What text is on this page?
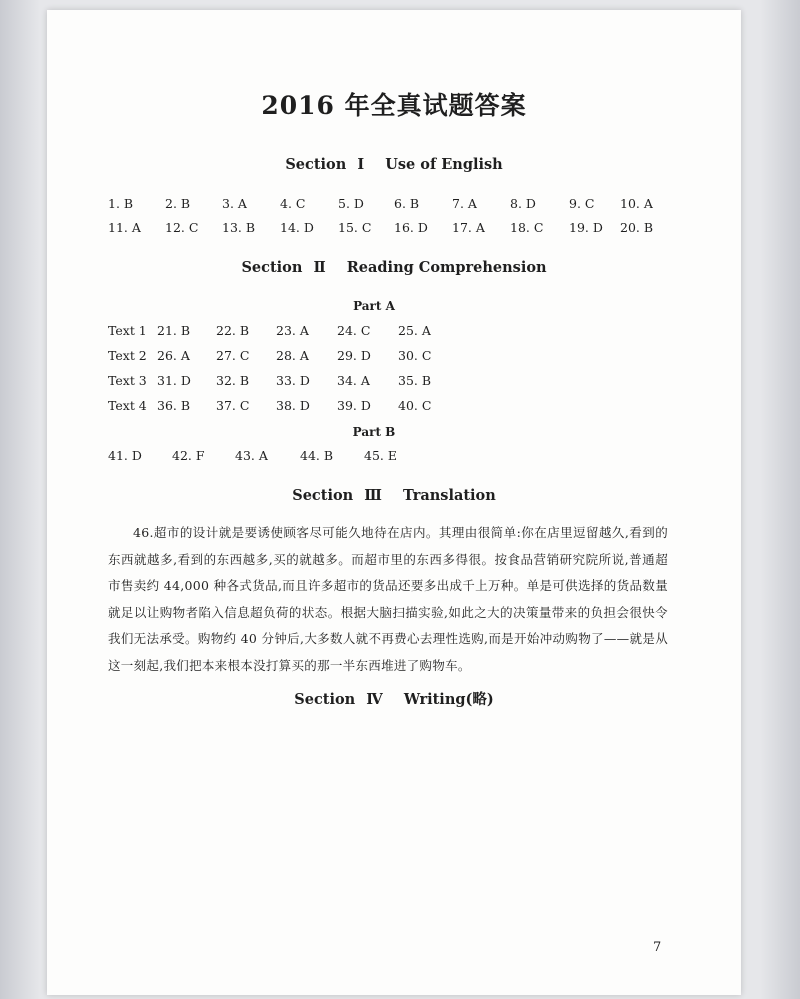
2016 年全真试题答案
Section Ⅰ Use of English
1. B	2. B	3. A	4. C	5. D 6. B	7. A	8. D	9. C 10. A
11. A 12. C 13. B 14. D 15. C 16. D 17. A 18. C 19. D 20. B
Section Ⅱ Reading Comprehension
Part A
Text 1 21. B 22. B 23. A 24. C 25. A
Text 2 26. A 27. C 28. A 29. D 30. C
Text 3 31. D 32. B 33. D 34. A 35. B
Text 4 36. B 37. C 38. D 39. D 40. C
Part B
41. D 42. F 43. A	44. B 45. E
Section Ⅲ Translation
46.超市的设计就是要诱使顾客尽可能久地待在店内。其理由很简单:你在店里逗留越久,看到的东西就越多,看到的东西越多,买的就越多。而超市里的东西多得很。按食品营销研究院所说,普通超市售卖约 44,000 种各式货品,而且许多超市的货品还要多出成千上万种。单是可供选择的货品数量就足以让购物者陷入信息超负荷的状态。根据大脑扫描实验,如此之大的决策量带来的负担会很快令我们无法承受。购物约 40 分钟后,大多数人就不再费心去理性选购,而是开始冲动购物了——就是从这一刻起,我们把本来根本没打算买的那一半东西堆进了购物车。
Section Ⅳ Writing(略)
7
